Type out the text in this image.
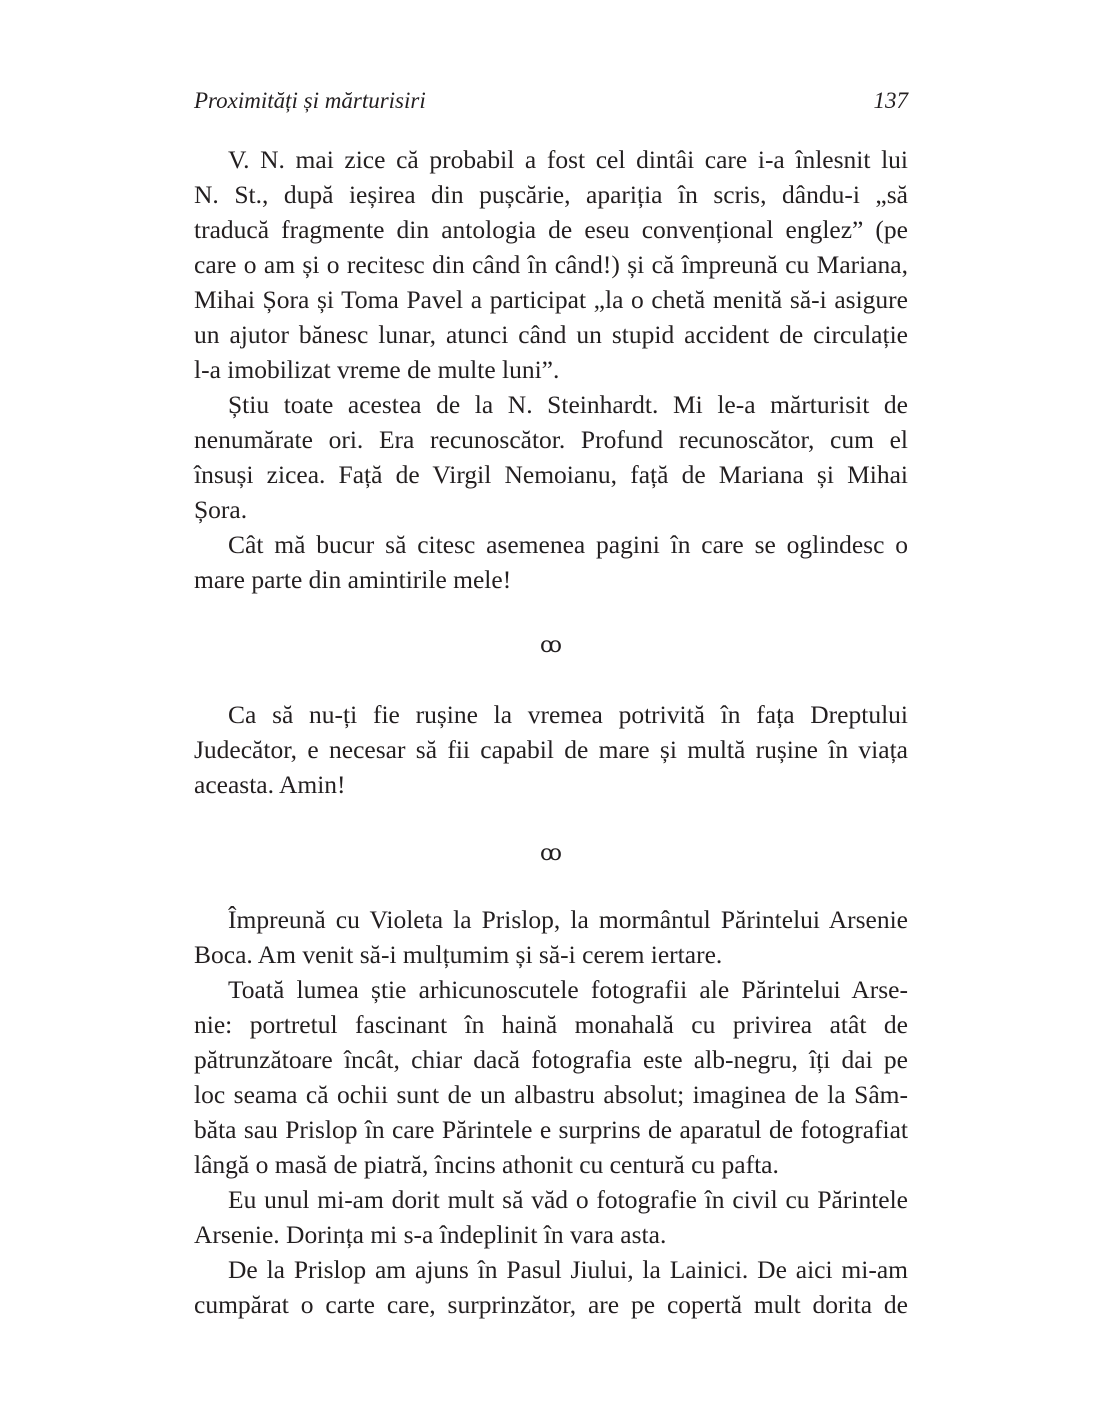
Proximități și mărturisiri	137
V. N. mai zice că probabil a fost cel dintâi care i-a înlesnit lui
N. St., după ieșirea din pușcărie, apariția în scris, dându-i „să
traducă fragmente din antologia de eseu convențional englez” (pe
care o am și o recitesc din când în când!) și că împreună cu Mariana,
Mihai Șora și Toma Pavel a participat „la o chetă menită să-i asigure
un ajutor bănesc lunar, atunci când un stupid accident de circulație
l-a imobilizat vreme de multe luni”.
Știu toate acestea de la N. Steinhardt. Mi le-a mărturisit de
nenumărate ori. Era recunoscător. Profund recunoscător, cum el
însuși zicea. Față de Virgil Nemoianu, față de Mariana și Mihai
Șora.
Cât mă bucur să citesc asemenea pagini în care se oglindesc o
mare parte din amintirile mele!
ꝏ
Ca să nu-ți fie rușine la vremea potrivită în fața Dreptului
Judecător, e necesar să fii capabil de mare și multă rușine în viața
aceasta. Amin!
ꝏ
Împreună cu Violeta la Prislop, la mormântul Părintelui Arsenie
Boca. Am venit să-i mulțumim și să-i cerem iertare.
Toată lumea știe arhicunoscutele fotografii ale Părintelui Arse-
nie: portretul fascinant în haină monahală cu privirea atât de
pătrunzătoare încât, chiar dacă fotografia este alb-negru, îți dai pe
loc seama că ochii sunt de un albastru absolut; imaginea de la Sâm-
băta sau Prislop în care Părintele e surprins de aparatul de fotografiat
lângă o masă de piatră, încins athonit cu centură cu pafta.
Eu unul mi-am dorit mult să văd o fotografie în civil cu Părintele
Arsenie. Dorința mi s-a îndeplinit în vara asta.
De la Prislop am ajuns în Pasul Jiului, la Lainici. De aici mi-am
cumpărat o carte care, surprinzător, are pe copertă mult dorita de
